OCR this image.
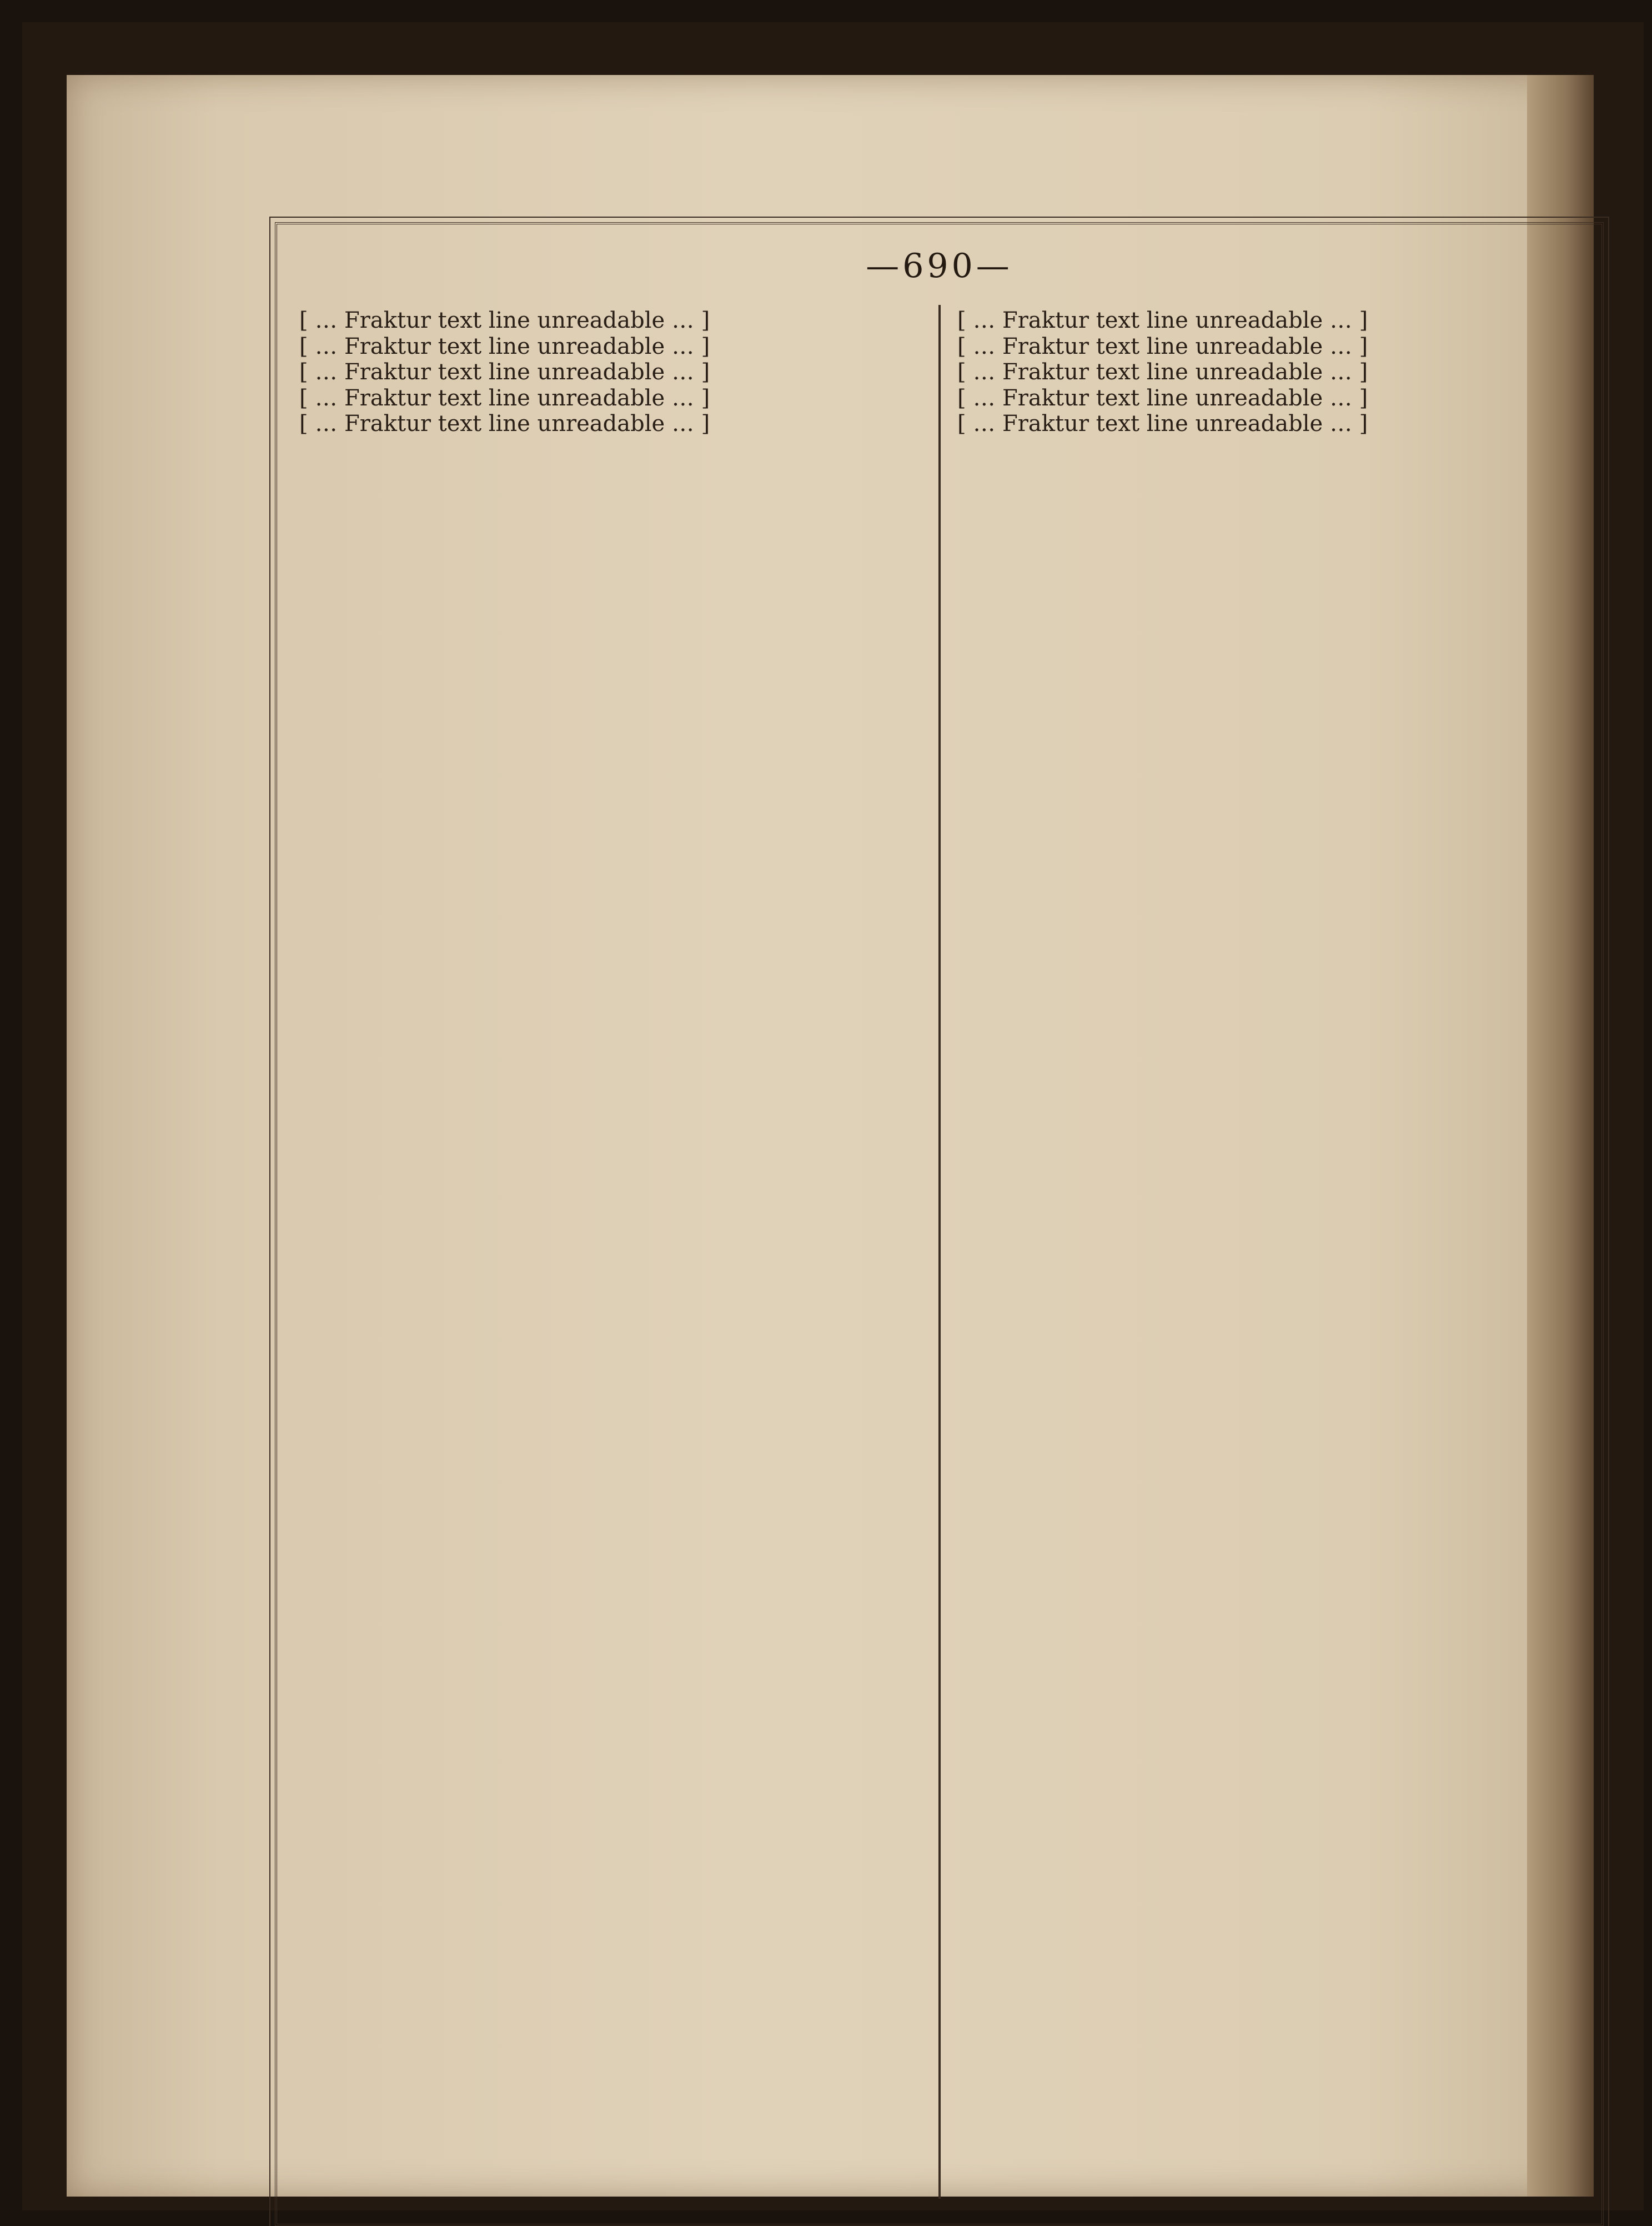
—690—
[ … Fraktur text line unreadable … ]
[ … Fraktur text line unreadable … ]
[ … Fraktur text line unreadable … ]
[ … Fraktur text line unreadable … ]
[ … Fraktur text line unreadable … ]
[ … Fraktur text line unreadable … ]
[ … Fraktur text line unreadable … ]
[ … Fraktur text line unreadable … ]
[ … Fraktur text line unreadable … ]
[ … Fraktur text line unreadable … ]
